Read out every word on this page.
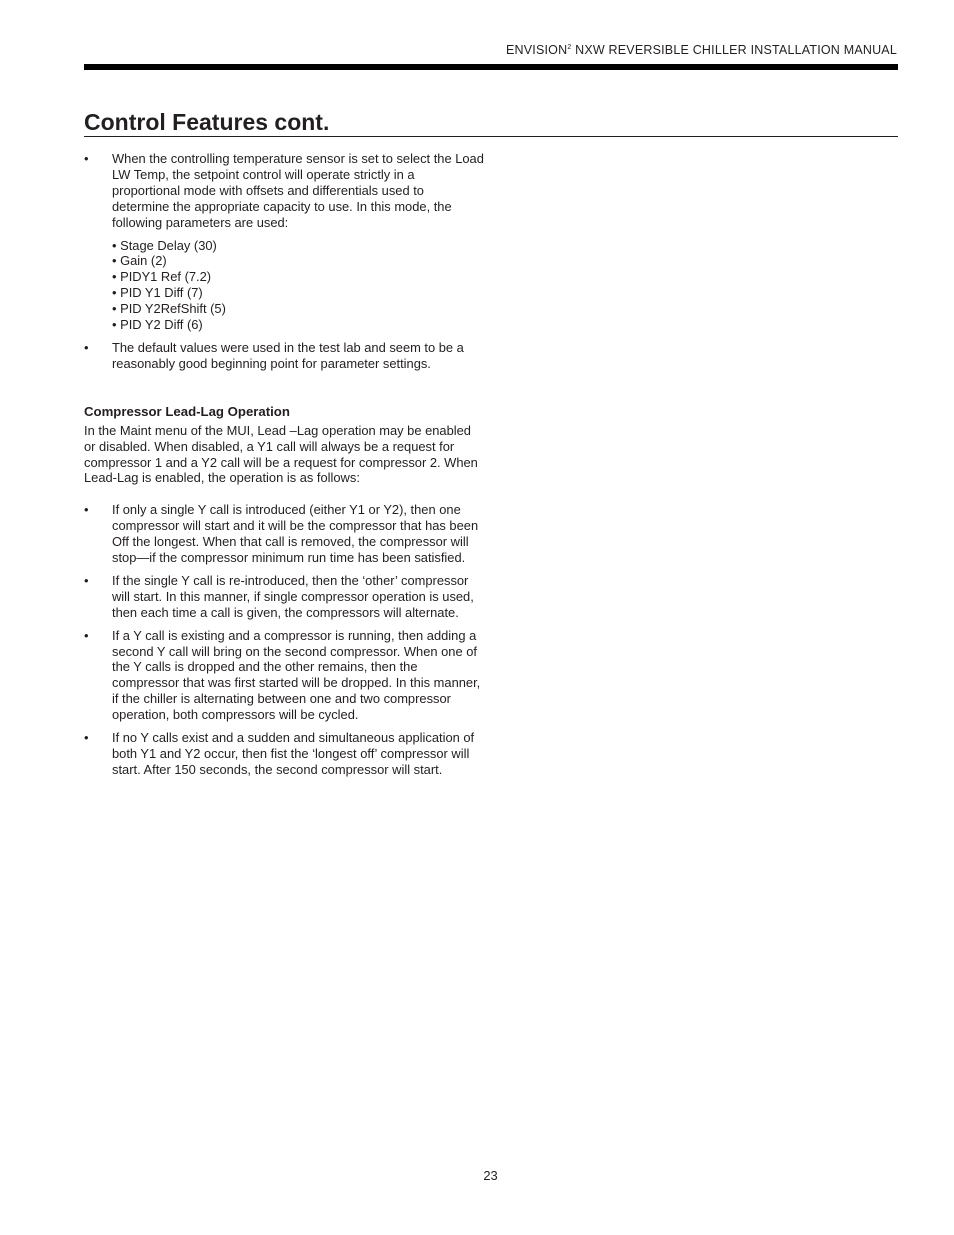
ENVISION$^2$ NXW REVERSIBLE CHILLER INSTALLATION MANUAL
Control Features cont.
• When the controlling temperature sensor is set to select the Load LW Temp, the setpoint control will operate strictly in a proportional mode with offsets and differentials used to determine the appropriate capacity to use. In this mode, the following parameters are used:
• Stage Delay (30)
• Gain (2)
• PIDY1 Ref (7.2)
• PID Y1 Diff (7)
• PID Y2RefShift (5)
• PID Y2 Diff (6)
• The default values were used in the test lab and seem to be a reasonably good beginning point for parameter settings.
Compressor Lead-Lag Operation

In the Maint menu of the MUI, Lead –Lag operation may be enabled or disabled. When disabled, a Y1 call will always be a request for compressor 1 and a Y2 call will be a request for compressor 2. When Lead-Lag is enabled, the operation is as follows:

• If only a single Y call is introduced (either Y1 or Y2), then one compressor will start and it will be the compressor that has been Off the longest. When that call is removed, the compressor will stop—if the compressor minimum run time has been satisfied.
• If the single Y call is re-introduced, then the ‘other’ compressor will start. In this manner, if single compressor operation is used, then each time a call is given, the compressors will alternate.
• If a Y call is existing and a compressor is running, then adding a second Y call will bring on the second compressor. When one of the Y calls is dropped and the other remains, then the compressor that was first started will be dropped. In this manner, if the chiller is alternating between one and two compressor operation, both compressors will be cycled.
• If no Y calls exist and a sudden and simultaneous application of both Y1 and Y2 occur, then fist the ‘longest off’ compressor will start. After 150 seconds, the second compressor will start.
23
